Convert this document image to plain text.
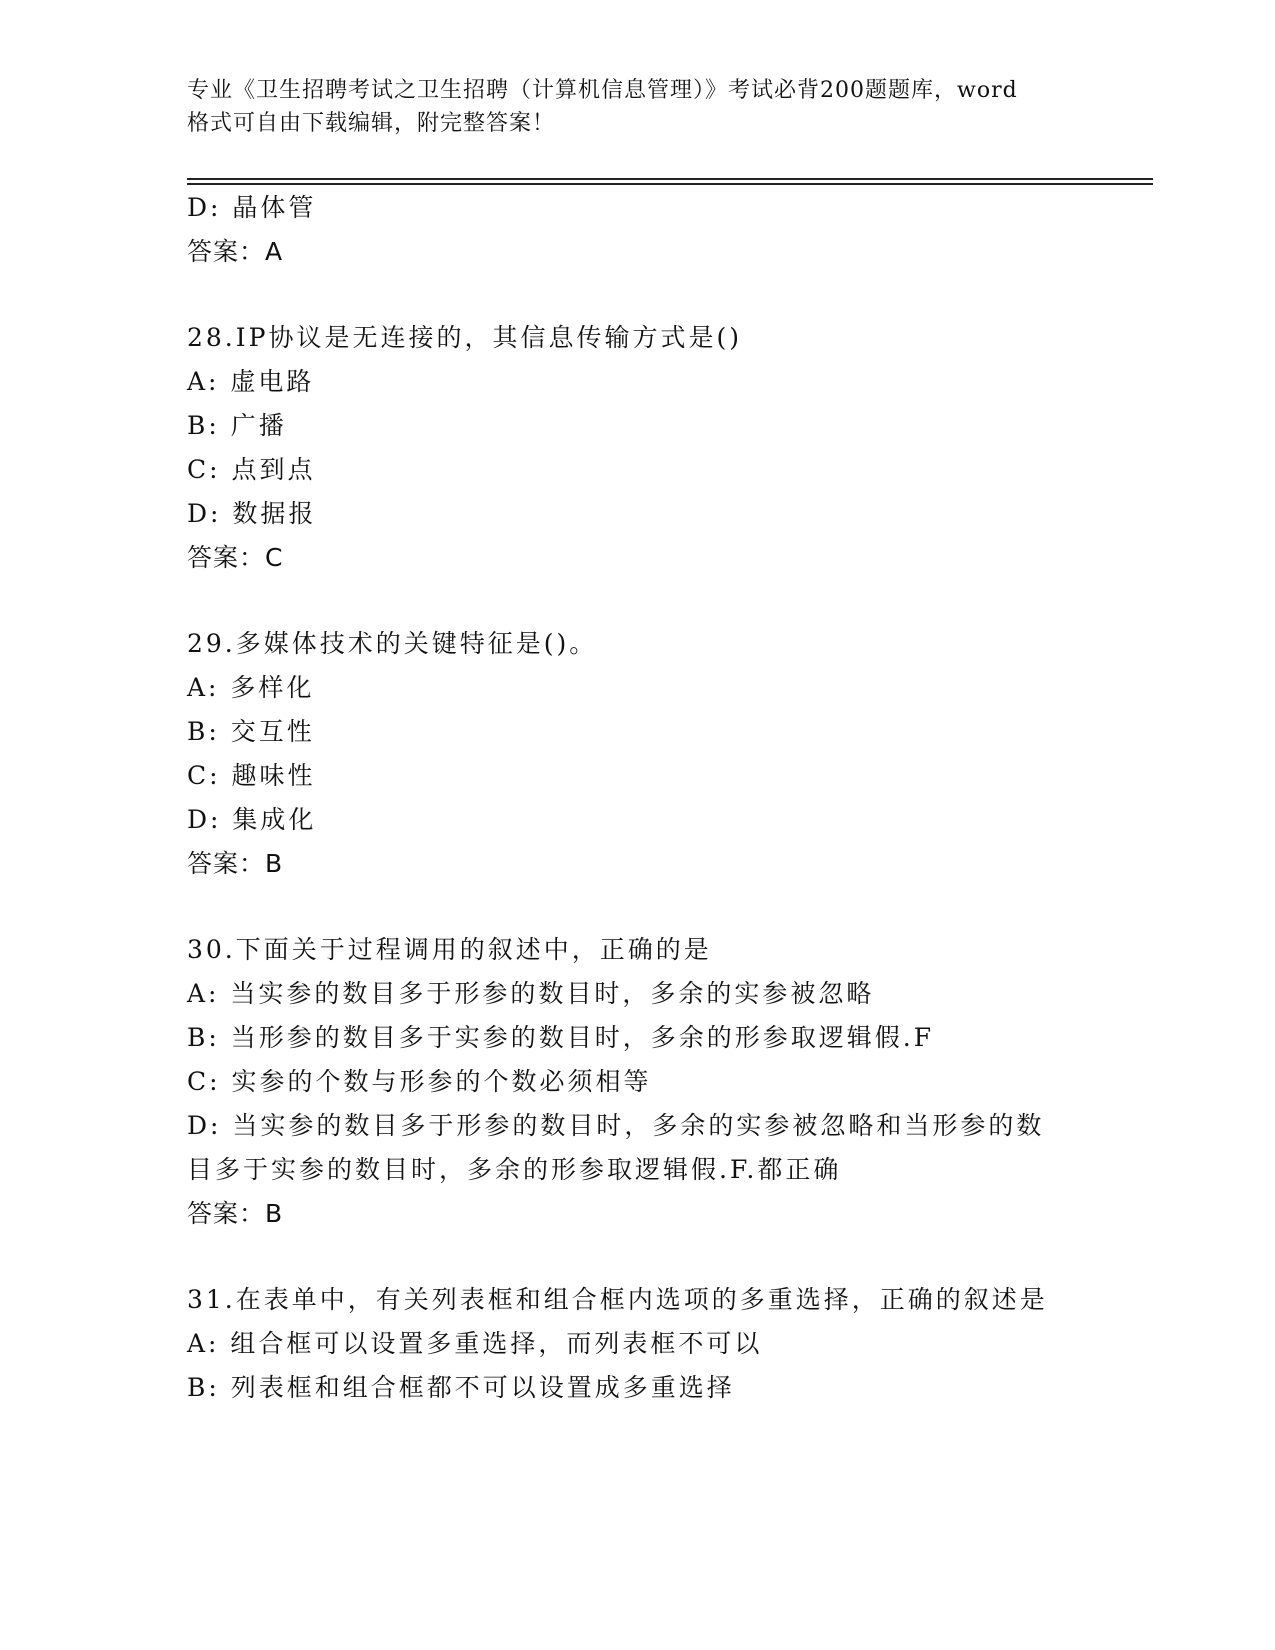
专业《卫生招聘考试之卫生招聘（计算机信息管理）》考试必背200题题库，word
格式可自由下载编辑，附完整答案！
D: 晶体管
答案：A
28.IP协议是无连接的，其信息传输方式是()
A: 虚电路
B: 广播
C: 点到点
D: 数据报
答案：C
29.多媒体技术的关键特征是()。
A: 多样化
B: 交互性
C: 趣味性
D: 集成化
答案：B
30.下面关于过程调用的叙述中，正确的是
A: 当实参的数目多于形参的数目时，多余的实参被忽略
B: 当形参的数目多于实参的数目时，多余的形参取逻辑假.F
C: 实参的个数与形参的个数必须相等
D: 当实参的数目多于形参的数目时，多余的实参被忽略和当形参的数
目多于实参的数目时，多余的形参取逻辑假.F.都正确
答案：B
31.在表单中，有关列表框和组合框内选项的多重选择，正确的叙述是
A: 组合框可以设置多重选择，而列表框不可以
B: 列表框和组合框都不可以设置成多重选择
